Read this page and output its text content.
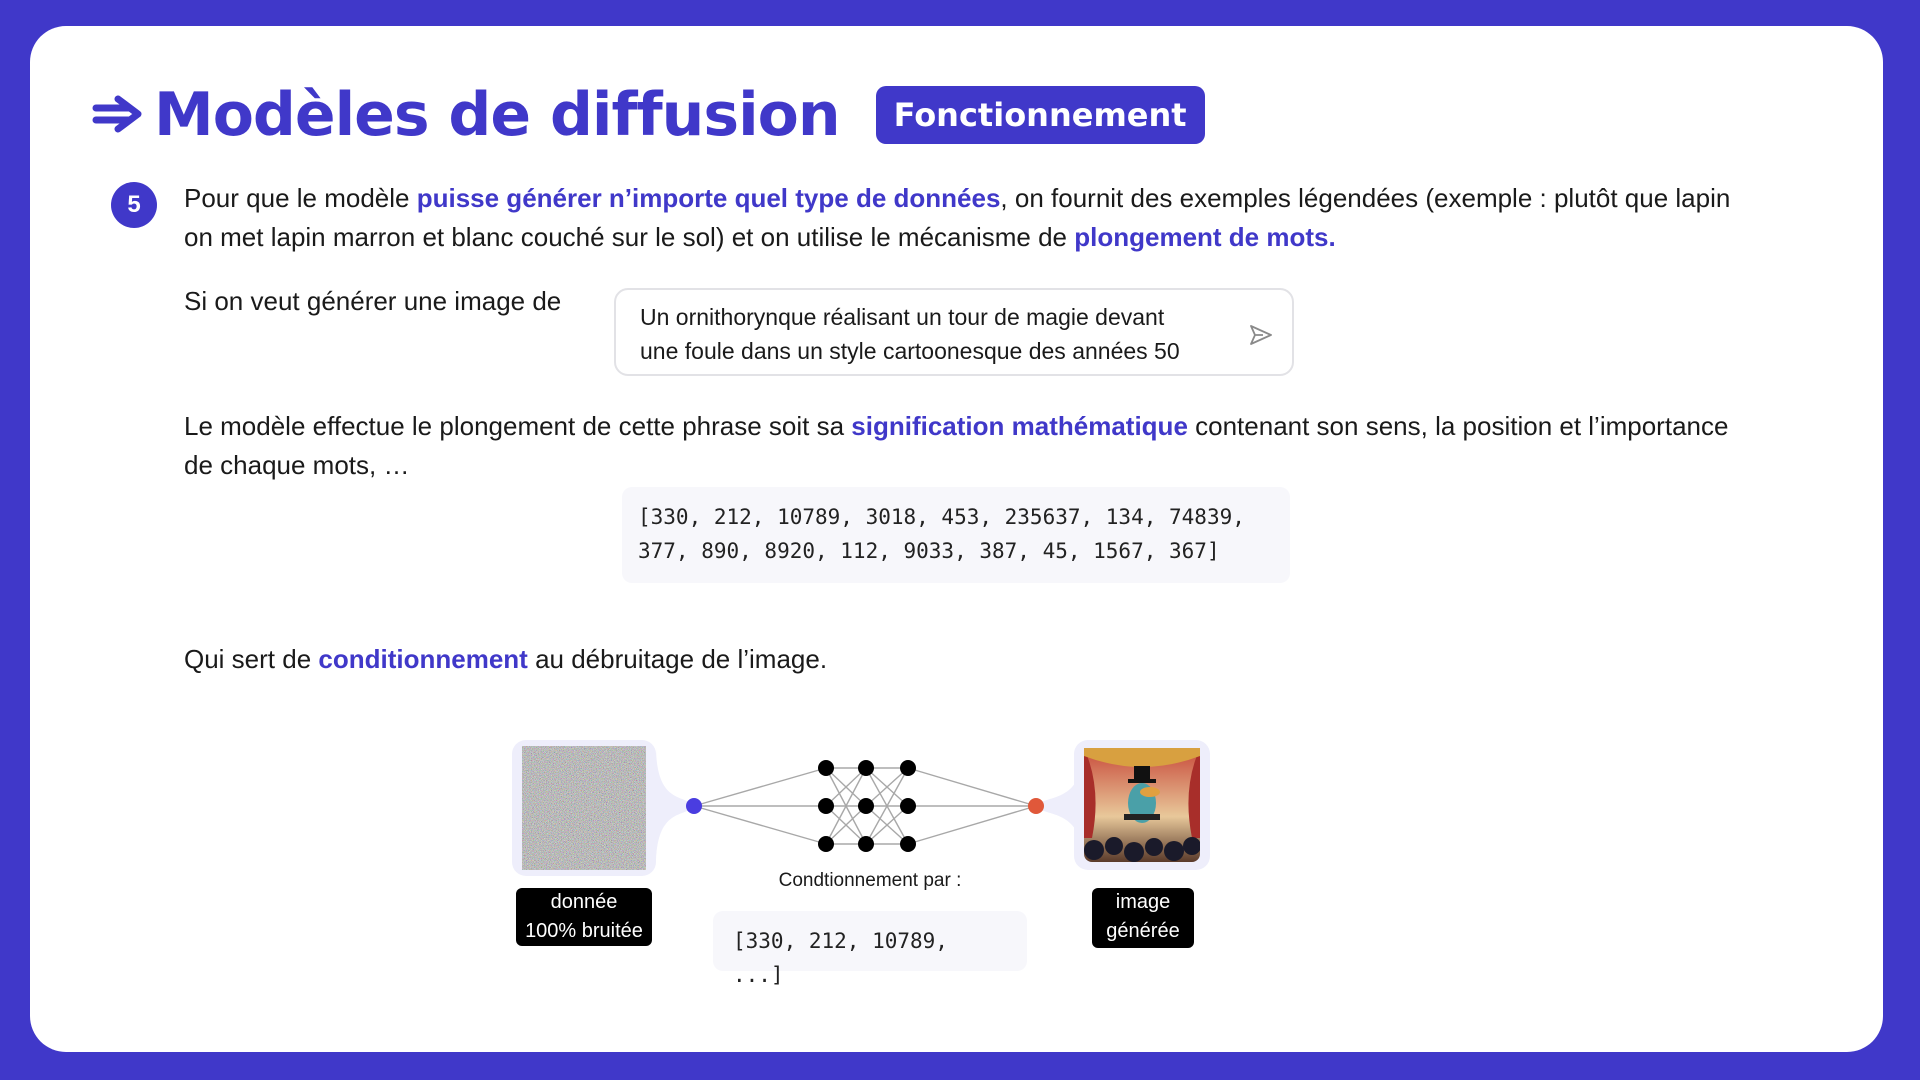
Modèles de diffusion	Fonctionnement
5	Pour que le modèle puisse générer n’importe quel type de données, on fournit des exemples légendées (exemple : plutôt que lapin on met lapin marron et blanc couché sur le sol) et on utilise le mécanisme de plongement de mots.
Si on veut générer une image de
Un ornithorynque réalisant un tour de magie devant
une foule dans un style cartoonesque des années 50
Le modèle effectue le plongement de cette phrase soit sa signification mathématique contenant son sens, la position et l’importance de chaque mots, …
[330, 212, 10789, 3018, 453, 235637, 134, 74839,
377, 890, 8920, 112, 9033, 387, 45, 1567, 367]
Qui sert de conditionnement au débruitage de l’image.
donnée
100% bruitée
Condtionnement par :
[330, 212, 10789, ...]
image
générée
